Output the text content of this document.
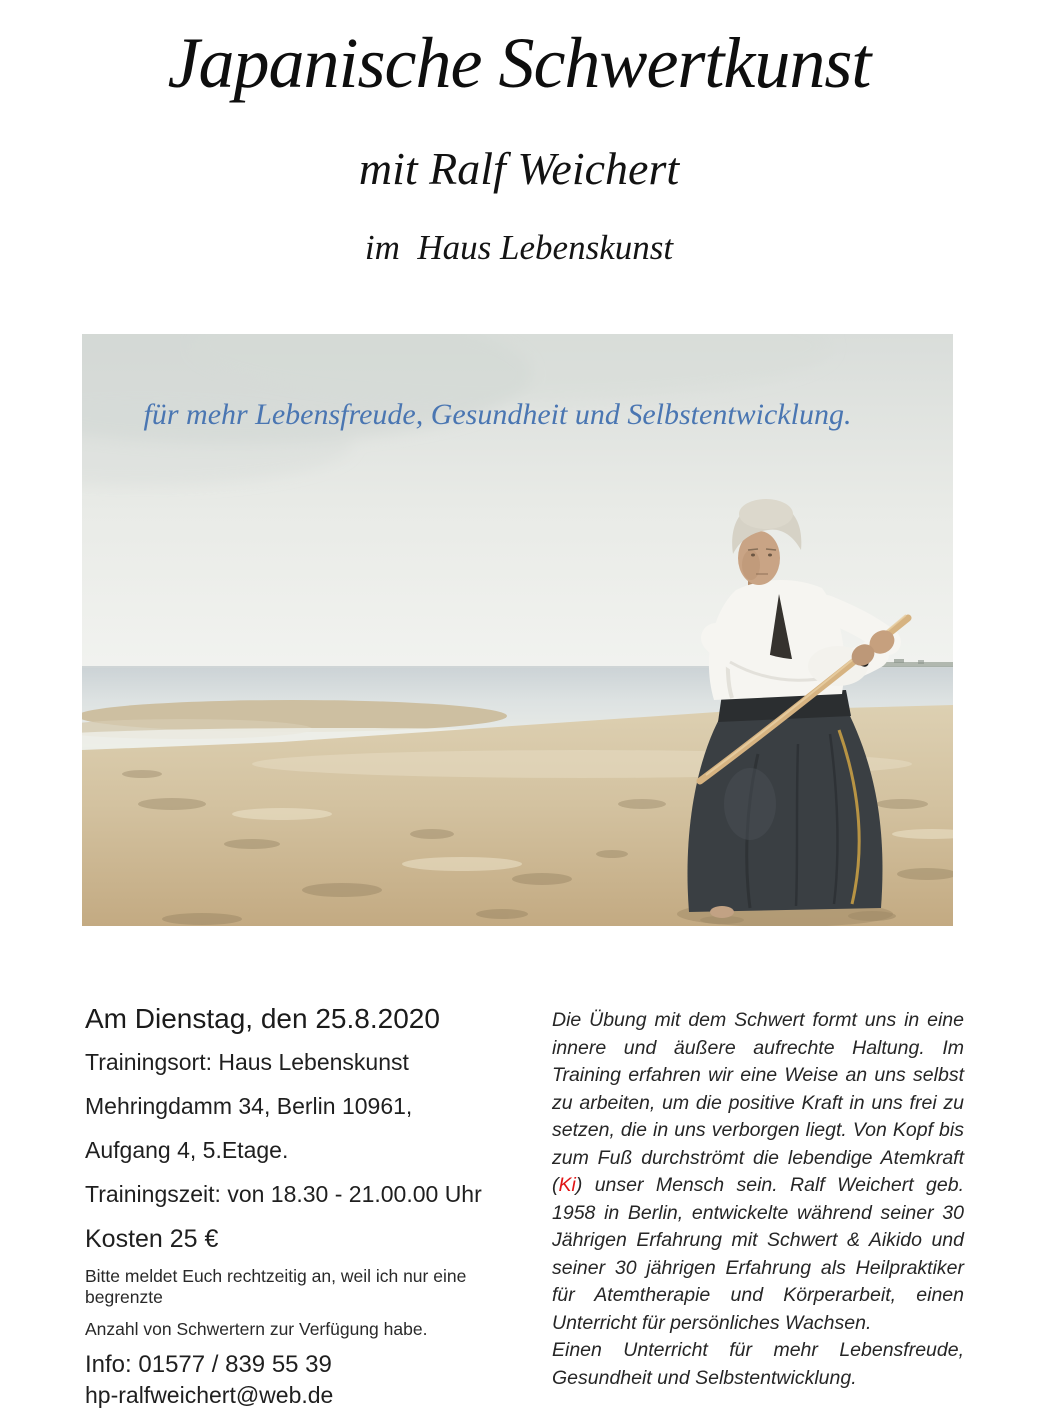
Japanische Schwertkunst
mit Ralf Weichert
im  Haus Lebenskunst
für mehr Lebensfreude, Gesundheit und Selbstentwicklung.
Am Dienstag, den 25.8.2020
Trainingsort: Haus Lebenskunst
Mehringdamm 34, Berlin 10961,
Aufgang 4, 5.Etage.
Trainingszeit: von 18.30 - 21.00.00 Uhr
Kosten 25 €
Bitte meldet Euch rechtzeitig an, weil ich nur eine begrenzte
Anzahl von Schwertern zur Verfügung habe.
Info: 01577 / 839 55 39
hp-ralfweichert@web.de

Die Übung mit dem Schwert formt uns in eine innere und äußere aufrechte Haltung. Im Training erfahren wir eine Weise an uns selbst zu arbeiten, um die positive Kraft in uns frei zu setzen, die in uns verborgen liegt. Von Kopf bis zum Fuß durchströmt die lebendige Atemkraft (Ki) unser Mensch sein. Ralf Weichert geb. 1958 in Berlin, entwickelte während seiner 30 Jährigen Erfahrung mit Schwert & Aikido und seiner 30 jährigen Erfahrung als Heilpraktiker für Atemtherapie und Körperarbeit, einen Unterricht für persönliches Wachsen.

Einen Unterricht für mehr Lebensfreude, Gesundheit und Selbstentwicklung.
